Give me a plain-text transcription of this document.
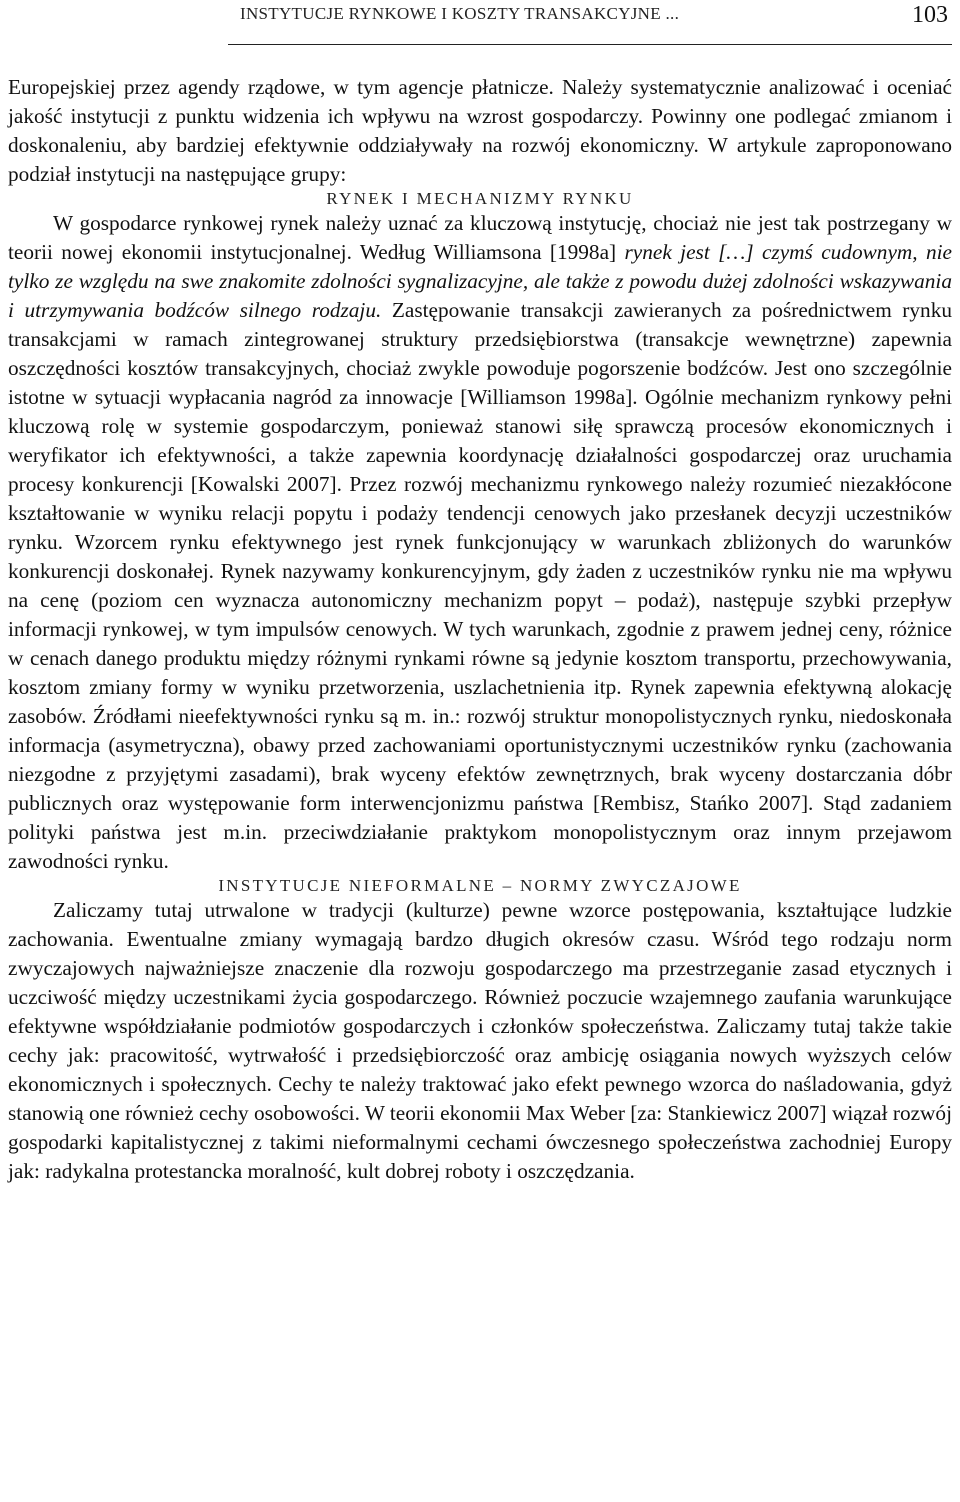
INSTYTUCJE RYNKOWE I KOSZTY TRANSAKCYJNE ...	103

Europejskiej przez agendy rządowe, w tym agencje płatnicze. Należy systematycznie analizować i oceniać jakość instytucji z punktu widzenia ich wpływu na wzrost gospodarczy. Powinny one podlegać zmianom i doskonaleniu, aby bardziej efektywnie oddziaływały na rozwój ekonomiczny. W artykule zaproponowano podział instytucji na następujące grupy:

RYNEK I MECHANIZMY RYNKU

W gospodarce rynkowej rynek należy uznać za kluczową instytucję, chociaż nie jest tak postrzegany w teorii nowej ekonomii instytucjonalnej. Według Williamsona [1998a] rynek jest […] czymś cudownym, nie tylko ze względu na swe znakomite zdolności sygnalizacyjne, ale także z powodu dużej zdolności wskazywania i utrzymywania bodźców silnego rodzaju. Zastępowanie transakcji zawieranych za pośrednictwem rynku transakcjami w ramach zintegrowanej struktury przedsiębiorstwa (transakcje wewnętrzne) zapewnia oszczędności kosztów transakcyjnych, chociaż zwykle powoduje pogorszenie bodźców. Jest ono szczególnie istotne w sytuacji wypłacania nagród za innowacje [Williamson 1998a]. Ogólnie mechanizm rynkowy pełni kluczową rolę w systemie gospodarczym, ponieważ stanowi siłę sprawczą procesów ekonomicznych i weryfikator ich efektywności, a także zapewnia koordynację działalności gospodarczej oraz uruchamia procesy konkurencji [Kowalski 2007]. Przez rozwój mechanizmu rynkowego należy rozumieć niezakłócone kształtowanie w wyniku relacji popytu i podaży tendencji cenowych jako przesłanek decyzji uczestników rynku. Wzorcem rynku efektywnego jest rynek funkcjonujący w warunkach zbliżonych do warunków konkurencji doskonałej. Rynek nazywamy konkurencyjnym, gdy żaden z uczestników rynku nie ma wpływu na cenę (poziom cen wyznacza autonomiczny mechanizm popyt – podaż), następuje szybki przepływ informacji rynkowej, w tym impulsów cenowych. W tych warunkach, zgodnie z prawem jednej ceny, różnice w cenach danego produktu między różnymi rynkami równe są jedynie kosztom transportu, przechowywania, kosztom zmiany formy w wyniku przetworzenia, uszlachetnienia itp. Rynek zapewnia efektywną alokację zasobów. Źródłami nieefektywności rynku są m. in.: rozwój struktur monopolistycznych rynku, niedoskonała informacja (asymetryczna), obawy przed zachowaniami oportunistycznymi uczestników rynku (zachowania niezgodne z przyjętymi zasadami), brak wyceny efektów zewnętrznych, brak wyceny dostarczania dóbr publicznych oraz występowanie form interwencjonizmu państwa [Rembisz, Stańko 2007]. Stąd zadaniem polityki państwa jest m.in. przeciwdziałanie praktykom monopolistycznym oraz innym przejawom zawodności rynku.

INSTYTUCJE NIEFORMALNE – NORMY ZWYCZAJOWE

Zaliczamy tutaj utrwalone w tradycji (kulturze) pewne wzorce postępowania, kształtujące ludzkie zachowania. Ewentualne zmiany wymagają bardzo długich okresów czasu. Wśród tego rodzaju norm zwyczajowych najważniejsze znaczenie dla rozwoju gospodarczego ma przestrzeganie zasad etycznych i uczciwość między uczestnikami życia gospodarczego. Również poczucie wzajemnego zaufania warunkujące efektywne współdziałanie podmiotów gospodarczych i członków społeczeństwa. Zaliczamy tutaj także takie cechy jak: pracowitość, wytrwałość i przedsiębiorczość oraz ambicję osiągania nowych wyższych celów ekonomicznych i społecznych. Cechy te należy traktować jako efekt pewnego wzorca do naśladowania, gdyż stanowią one również cechy osobowości. W teorii ekonomii Max Weber [za: Stankiewicz 2007] wiązał rozwój gospodarki kapitalistycznej z takimi nieformalnymi cechami ówczesnego społeczeństwa zachodniej Europy jak: radykalna protestancka moralność, kult dobrej roboty i oszczędzania.
